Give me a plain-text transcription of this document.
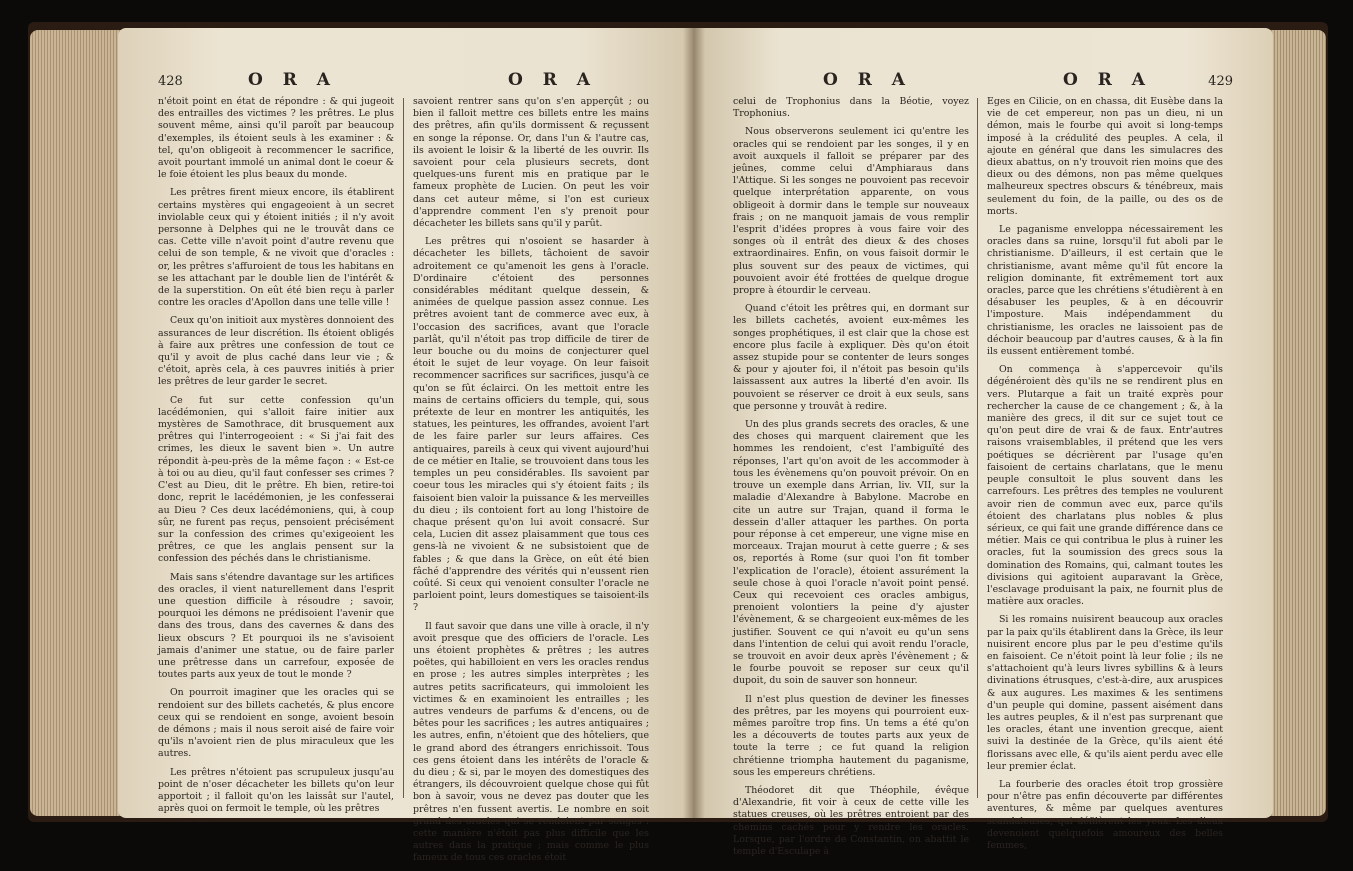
428	O R A	O R A

n'étoit point en état de répondre : & qui jugeoit des entrailles des victimes ? les prêtres. Le plus souvent même, ainsi qu'il paroît par beaucoup d'exemples, ils étoient seuls à les examiner : & tel, qu'on obligeoit à recommencer le sacrifice, avoit pourtant immolé un animal dont le coeur & le foie étoient les plus beaux du monde.

Les prêtres firent mieux encore, ils établirent certains mystères qui engageoient à un secret inviolable ceux qui y étoient initiés ; il n'y avoit personne à Delphes qui ne le trouvât dans ce cas. Cette ville n'avoit point d'autre revenu que celui de son temple, & ne vivoit que d'oracles : or, les prêtres s'affuroient de tous les habitans en se les attachant par le double lien de l'intérêt & de la superstition. On eût été bien reçu à parler contre les oracles d'Apollon dans une telle ville !

Ceux qu'on initioit aux mystères donnoient des assurances de leur discrétion. Ils étoient obligés à faire aux prêtres une confession de tout ce qu'il y avoit de plus caché dans leur vie ; & c'étoit, après cela, à ces pauvres initiés à prier les prêtres de leur garder le secret.

Ce fut sur cette confession qu'un lacédémonien, qui s'alloit faire initier aux mystères de Samothrace, dit brusquement aux prêtres qui l'interrogeoient : « Si j'ai fait des crimes, les dieux le savent bien ». Un autre répondit à-peu-près de la même façon : « Est-ce à toi ou au dieu, qu'il faut confesser ses crimes ? C'est au Dieu, dit le prêtre. Eh bien, retire-toi donc, reprit le lacédémonien, je les confesserai au Dieu ? Ces deux lacédémoniens, qui, à coup sûr, ne furent pas reçus, pensoient précisément sur la confession des crimes qu'exigeoient les prêtres, ce que les anglais pensent sur la confession des péchés dans le christianisme.

Mais sans s'étendre davantage sur les artifices des oracles, il vient naturellement dans l'esprit une question difficile à résoudre ; savoir, pourquoi les démons ne prédisoient l'avenir que dans des trous, dans des cavernes & dans des lieux obscurs ? Et pourquoi ils ne s'avisoient jamais d'animer une statue, ou de faire parler une prêtresse dans un carrefour, exposée de toutes parts aux yeux de tout le monde ?

On pourroit imaginer que les oracles qui se rendoient sur des billets cachetés, & plus encore ceux qui se rendoient en songe, avoient besoin de démons ; mais il nous seroit aisé de faire voir qu'ils n'avoient rien de plus miraculeux que les autres.

Les prêtres n'étoient pas scrupuleux jusqu'au point de n'oser décacheter les billets qu'on leur apportoit ; il falloit qu'on les laissât sur l'autel, après quoi on fermoit le temple, où les prêtres

savoient rentrer sans qu'on s'en apperçût ; ou bien il falloit mettre ces billets entre les mains des prêtres, afin qu'ils dormissent & reçussent en songe la réponse. Or, dans l'un & l'autre cas, ils avoient le loisir & la liberté de les ouvrir. Ils savoient pour cela plusieurs secrets, dont quelques-uns furent mis en pratique par le fameux prophète de Lucien. On peut les voir dans cet auteur même, si l'on est curieux d'apprendre comment l'en s'y prenoit pour décacheter les billets sans qu'il y parût.

Les prêtres qui n'osoient se hasarder à décacheter les billets, tâchoient de savoir adroitement ce qu'amenoit les gens à l'oracle. D'ordinaire c'étoient des personnes considérables méditant quelque dessein, & animées de quelque passion assez connue. Les prêtres avoient tant de commerce avec eux, à l'occasion des sacrifices, avant que l'oracle parlât, qu'il n'étoit pas trop difficile de tirer de leur bouche ou du moins de conjecturer quel étoit le sujet de leur voyage. On leur faisoit recommencer sacrifices sur sacrifices, jusqu'à ce qu'on se fût éclairci. On les mettoit entre les mains de certains officiers du temple, qui, sous prétexte de leur en montrer les antiquités, les statues, les peintures, les offrandes, avoient l'art de les faire parler sur leurs affaires. Ces antiquaires, pareils à ceux qui vivent aujourd'hui de ce métier en Italie, se trouvoient dans tous les temples un peu considérables. Ils savoient par coeur tous les miracles qui s'y étoient faits ; ils faisoient bien valoir la puissance & les merveilles du dieu ; ils contoient fort au long l'histoire de chaque présent qu'on lui avoit consacré. Sur cela, Lucien dit assez plaisamment que tous ces gens-là ne vivoient & ne subsistoient que de fables ; & que dans la Grèce, on eût été bien fâché d'apprendre des vérités qui n'eussent rien coûté. Si ceux qui venoient consulter l'oracle ne parloient point, leurs domestiques se taisoient-ils ?

Il faut savoir que dans une ville à oracle, il n'y avoit presque que des officiers de l'oracle. Les uns étoient prophètes & prêtres ; les autres poëtes, qui habilloient en vers les oracles rendus en prose ; les autres simples interprètes ; les autres petits sacrificateurs, qui immoloient les victimes & en examinoient les entrailles ; les autres vendeurs de parfums & d'encens, ou de bêtes pour les sacrifices ; les autres antiquaires ; les autres, enfin, n'étoient que des hôteliers, que le grand abord des étrangers enrichissoit. Tous ces gens étoient dans les intérêts de l'oracle & du dieu ; & si, par le moyen des domestiques des étrangers, ils découvroient quelque chose qui fût bon à savoir, vous ne devez pas douter que les prêtres n'en fussent avertis. Le nombre en soit grand des oracles qui se rendoient par songes : cette manière n'étoit pas plus difficile que les autres dans la pratique ; mais comme le plus fameux de tous ces oracles étoit

O R A	O R A	429

celui de Trophonius dans la Béotie, voyez Trophonius.

Nous observerons seulement ici qu'entre les oracles qui se rendoient par les songes, il y en avoit auxquels il falloit se préparer par des jeûnes, comme celui d'Amphiaraus dans l'Attique. Si les songes ne pouvoient pas recevoir quelque interprétation apparente, on vous obligeoit à dormir dans le temple sur nouveaux frais ; on ne manquoit jamais de vous remplir l'esprit d'idées propres à vous faire voir des songes où il entrât des dieux & des choses extraordinaires. Enfin, on vous faisoit dormir le plus souvent sur des peaux de victimes, qui pouvoient avoir été frottées de quelque drogue propre à étourdir le cerveau.

Quand c'étoit les prêtres qui, en dormant sur les billets cachetés, avoient eux-mêmes les songes prophétiques, il est clair que la chose est encore plus facile à expliquer. Dès qu'on étoit assez stupide pour se contenter de leurs songes & pour y ajouter foi, il n'étoit pas besoin qu'ils laissassent aux autres la liberté d'en avoir. Ils pouvoient se réserver ce droit à eux seuls, sans que personne y trouvât à redire.

Un des plus grands secrets des oracles, & une des choses qui marquent clairement que les hommes les rendoient, c'est l'ambiguïté des réponses, l'art qu'on avoit de les accommoder à tous les évènemens qu'on pouvoit prévoir. On en trouve un exemple dans Arrian, liv. VII, sur la maladie d'Alexandre à Babylone. Macrobe en cite un autre sur Trajan, quand il forma le dessein d'aller attaquer les parthes. On porta pour réponse à cet empereur, une vigne mise en morceaux. Trajan mourut à cette guerre ; & ses os, reportés à Rome (sur quoi l'on fit tomber l'explication de l'oracle), étoient assurément la seule chose à quoi l'oracle n'avoit point pensé. Ceux qui recevoient ces oracles ambigus, prenoient volontiers la peine d'y ajuster l'évènement, & se chargeoient eux-mêmes de les justifier. Souvent ce qui n'avoit eu qu'un sens dans l'intention de celui qui avoit rendu l'oracle, se trouvoit en avoir deux après l'évènement ; & le fourbe pouvoit se reposer sur ceux qu'il dupoit, du soin de sauver son honneur.

Il n'est plus question de deviner les finesses des prêtres, par les moyens qui pourroient eux-mêmes paroître trop fins. Un tems a été qu'on les a découverts de toutes parts aux yeux de toute la terre ; ce fut quand la religion chrétienne triompha hautement du paganisme, sous les empereurs chrétiens.

Théodoret dit que Théophile, évêque d'Alexandrie, fit voir à ceux de cette ville les statues creuses, où les prêtres entroient par des chemins cachés pour y rendre les oracles. Lorsque, par l'ordre de Constantin, on abattit le temple d'Esculape à

Eges en Cilicie, on en chassa, dit Eusèbe dans la vie de cet empereur, non pas un dieu, ni un démon, mais le fourbe qui avoit si long-temps imposé à la crédulité des peuples. A cela, il ajoute en général que dans les simulacres des dieux abattus, on n'y trouvoit rien moins que des dieux ou des démons, non pas même quelques malheureux spectres obscurs & ténébreux, mais seulement du foin, de la paille, ou des os de morts.

Le paganisme enveloppa nécessairement les oracles dans sa ruine, lorsqu'il fut aboli par le christianisme. D'ailleurs, il est certain que le christianisme, avant même qu'il fût encore la religion dominante, fit extrêmement tort aux oracles, parce que les chrétiens s'étudièrent à en désabuser les peuples, & à en découvrir l'imposture. Mais indépendamment du christianisme, les oracles ne laissoient pas de déchoir beaucoup par d'autres causes, & à la fin ils eussent entièrement tombé.

On commença à s'appercevoir qu'ils dégénéroient dès qu'ils ne se rendirent plus en vers. Plutarque a fait un traité exprès pour rechercher la cause de ce changement ; &, à la manière des grecs, il dit sur ce sujet tout ce qu'on peut dire de vrai & de faux. Entr'autres raisons vraisemblables, il prétend que les vers poétiques se décrièrent par l'usage qu'en faisoient de certains charlatans, que le menu peuple consultoit le plus souvent dans les carrefours. Les prêtres des temples ne voulurent avoir rien de commun avec eux, parce qu'ils étoient des charlatans plus nobles & plus sérieux, ce qui fait une grande différence dans ce métier. Mais ce qui contribua le plus à ruiner les oracles, fut la soumission des grecs sous la domination des Romains, qui, calmant toutes les divisions qui agitoient auparavant la Grèce, l'esclavage produisant la paix, ne fournit plus de matière aux oracles.

Si les romains nuisirent beaucoup aux oracles par la paix qu'ils établirent dans la Grèce, ils leur nuisirent encore plus par le peu d'estime qu'ils en faisoient. Ce n'étoit point là leur folie ; ils ne s'attachoient qu'à leurs livres sybillins & à leurs divinations étrusques, c'est-à-dire, aux aruspices & aux augures. Les maximes & les sentimens d'un peuple qui domine, passent aisément dans les autres peuples, & il n'est pas surprenant que les oracles, étant une invention grecque, aient suivi la destinée de la Grèce, qu'ils aient été florissans avec elle, & qu'ils aient perdu avec elle leur premier éclat.

La fourberie des oracles étoit trop grossière pour n'être pas enfin découverte par différentes aventures, & même par quelques aventures scandaleuses, qui défilèrent les yeux. Les dieux devenoient quelquefois amoureux des belles femmes,
